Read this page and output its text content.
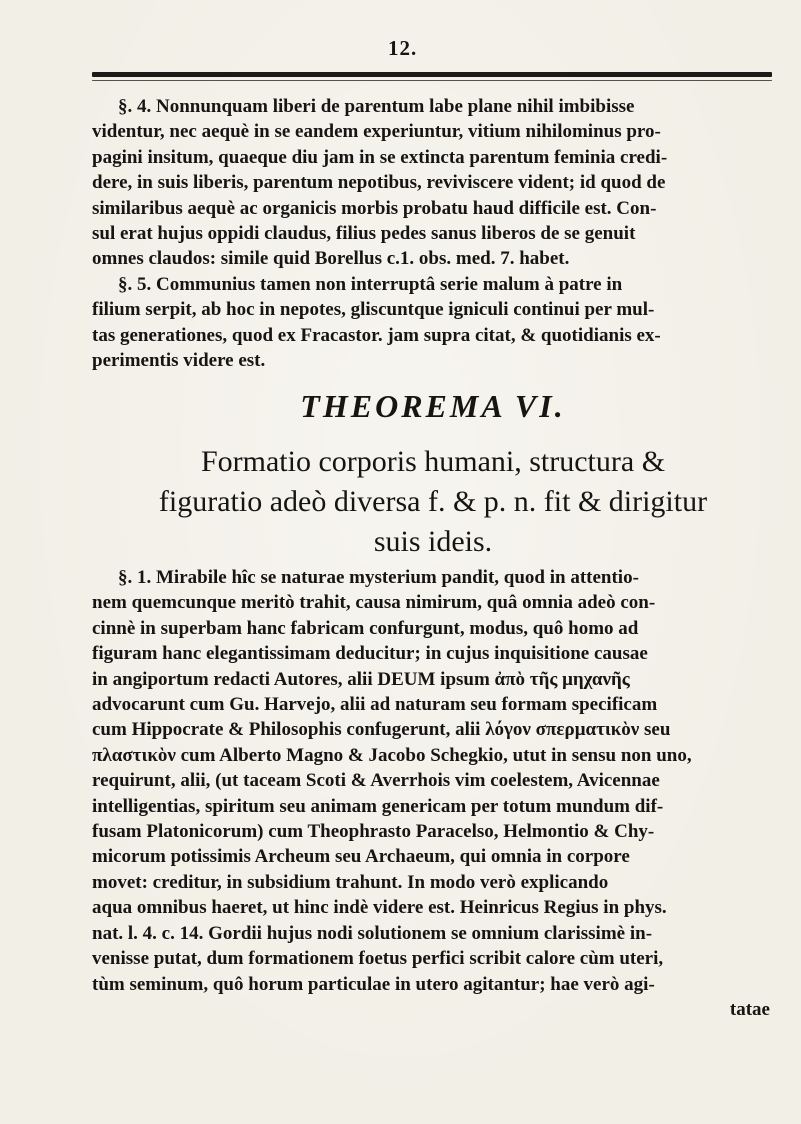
12.
§. 4. Nonnunquam liberi de parentum labe plane nihil imbibisse
videntur, nec aequè in se eandem experiuntur, vitium nihilominus pro-
pagini insitum, quaeque diu jam in se extincta parentum feminia credi-
dere, in suis liberis, parentum nepotibus, reviviscere vident; id quod de
similaribus aequè ac organicis morbis probatu haud difficile est. Con-
sul erat hujus oppidi claudus, filius pedes sanus liberos de se genuit
omnes claudos: simile quid Borellus c.1. obs. med. 7. habet.
§. 5. Communius tamen non interruptâ serie malum à patre in
filium serpit, ab hoc in nepotes, gliscuntque igniculi continui per mul-
tas generationes, quod ex Fracastor. jam supra citat, & quotidianis ex-
perimentis videre est.
THEOREMA VI.
Formatio corporis humani, structura &
figuratio adeò diversa f. & p. n. fit & dirigitur
suis ideis.
§. 1. Mirabile hîc se naturae mysterium pandit, quod in attentio-
nem quemcunque meritò trahit, causa nimirum, quâ omnia adeò con-
cinnè in superbam hanc fabricam confurgunt, modus, quô homo ad
figuram hanc elegantissimam deducitur; in cujus inquisitione causae
in angiportum redacti Autores, alii DEUM ipsum ἀπὸ τῆς μηχανῆς
advocarunt cum Gu. Harvejo, alii ad naturam seu formam specificam
cum Hippocrate & Philosophis confugerunt, alii λόγον σπερματικὸν seu
πλαστικὸν cum Alberto Magno & Jacobo Schegkio, utut in sensu non uno,
requirunt, alii, (ut taceam Scoti & Averrhois vim coelestem, Avicennae
intelligentias, spiritum seu animam genericam per totum mundum dif-
fusam Platonicorum) cum Theophrasto Paracelso, Helmontio & Chy-
micorum potissimis Archeum seu Archaeum, qui omnia in corpore
movet: creditur, in subsidium trahunt. In modo verò explicando
aqua omnibus haeret, ut hinc indè videre est. Heinricus Regius in phys.
nat. l. 4. c. 14. Gordii hujus nodi solutionem se omnium clarissimè in-
venisse putat, dum formationem foetus perfici scribit calore cùm uteri,
tùm seminum, quô horum particulae in utero agitantur; hae verò agi-
tatae
